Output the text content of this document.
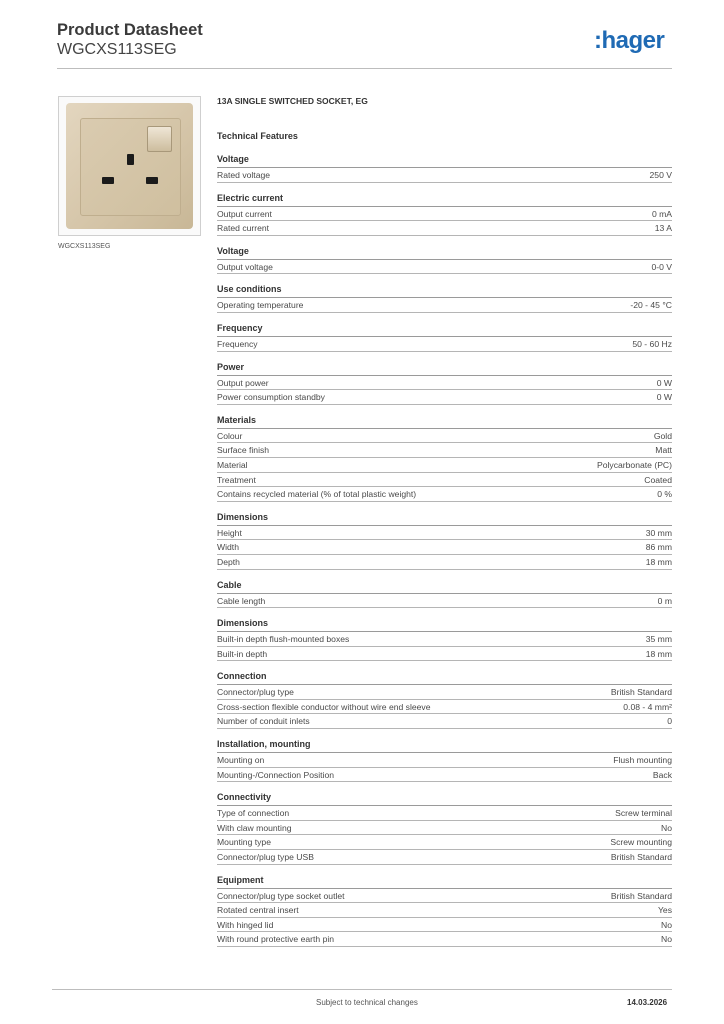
Product Datasheet
WGCXS113SEG	:hager
WGCXS113SEG
13A SINGLE SWITCHED SOCKET, EG
Technical Features
Voltage
Rated voltage	250 V
Electric current
Output current	0 mA
Rated current	13 A
Voltage
Output voltage	0-0 V
Use conditions
Operating temperature	-20 - 45 °C
Frequency
Frequency	50 - 60 Hz
Power
Output power	0 W
Power consumption standby	0 W
Materials
Colour	Gold
Surface finish	Matt
Material	Polycarbonate (PC)
Treatment	Coated
Contains recycled material (% of total plastic weight)	0 %
Dimensions
Height	30 mm
Width	86 mm
Depth	18 mm
Cable
Cable length	0 m
Dimensions
Built-in depth flush-mounted boxes	35 mm
Built-in depth	18 mm
Connection
Connector/plug type	British Standard
Cross-section flexible conductor without wire end sleeve	0.08 - 4 mm²
Number of conduit inlets	0
Installation, mounting
Mounting on	Flush mounting
Mounting-/Connection Position	Back
Connectivity
Type of connection	Screw terminal
With claw mounting	No
Mounting type	Screw mounting
Connector/plug type USB	British Standard
Equipment
Connector/plug type socket outlet	British Standard
Rotated central insert	Yes
With hinged lid	No
With round protective earth pin	No
Subject to technical changes	14.03.2026
